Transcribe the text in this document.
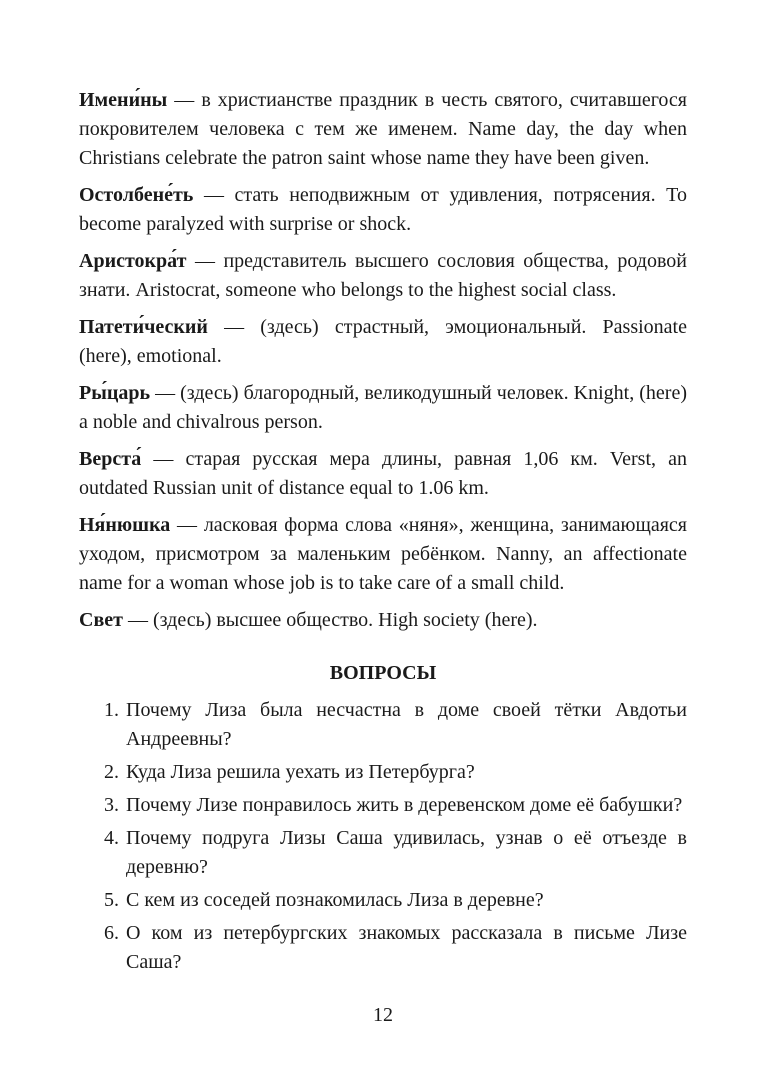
Имени́ны — в христианстве праздник в честь святого, считавшегося покровителем человека с тем же именем. Name day, the day when Christians celebrate the patron saint whose name they have been given.

Остолбене́ть — стать неподвижным от удивления, потрясения. To become paralyzed with surprise or shock.

Аристокра́т — представитель высшего сословия общества, родовой знати. Aristocrat, someone who belongs to the highest social class.

Патети́ческий — (здесь) страстный, эмоциональный. Passionate (here), emotional.

Ры́царь — (здесь) благородный, великодушный человек. Knight, (here) a noble and chivalrous person.

Верста́ — старая русская мера длины, равная 1,06 км. Verst, an outdated Russian unit of distance equal to 1.06 km.

Ня́нюшка — ласковая форма слова «няня», женщина, занимающаяся уходом, присмотром за маленьким ребёнком. Nanny, an affectionate name for a woman whose job is to take care of a small child.

Свет — (здесь) высшее общество. High society (here).

ВОПРОСЫ
1. Почему Лиза была несчастна в доме своей тётки Авдотьи Андреевны?
2. Куда Лиза решила уехать из Петербурга?
3. Почему Лизе понравилось жить в деревенском доме её бабушки?
4. Почему подруга Лизы Саша удивилась, узнав о её отъезде в деревню?
5. С кем из соседей познакомилась Лиза в деревне?
6. О ком из петербургских знакомых рассказала в письме Лизе Саша?
12
